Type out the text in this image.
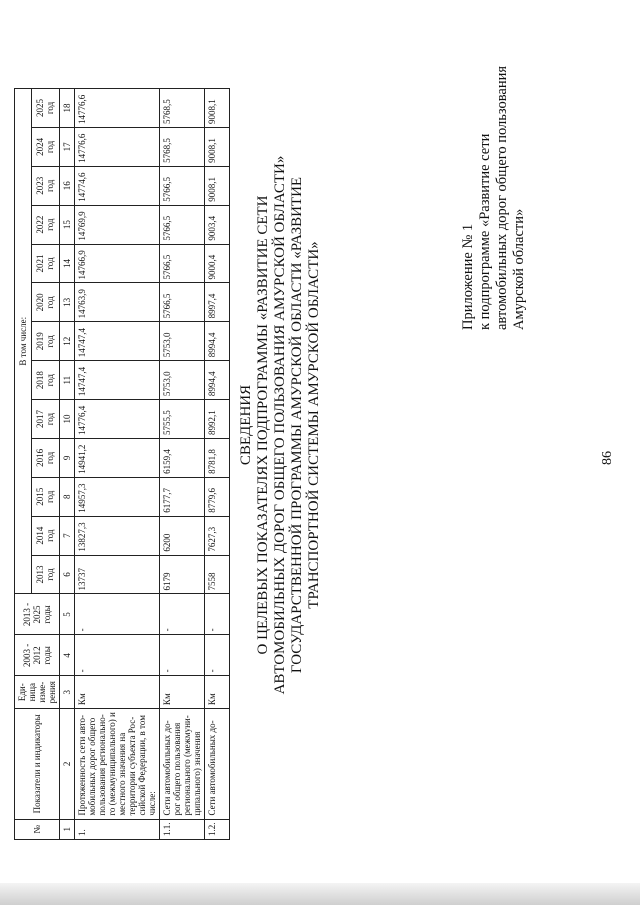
86
Приложение № 1 к подпрограмме «Развитие сети автомобильных дорог общего пользования Амурской области»
СВЕДЕНИЯ О ЦЕЛЕВЫХ ПОКАЗАТЕЛЯХ ПОДПРОГРАММЫ «РАЗВИТИЕ СЕТИ АВТОМОБИЛЬНЫХ ДОРОГ ОБЩЕГО ПОЛЬЗОВАНИЯ АМУРСКОЙ ОБЛАСТИ» ГОСУДАРСТВЕННОЙ ПРОГРАММЫ АМУРСКОЙ ОБЛАСТИ «РАЗВИТИЕ ТРАНСПОРТНОЙ СИСТЕМЫ АМУРСКОЙ ОБЛАСТИ»
№	Показатели и индикаторы	Еди-ница изме-рения	2003 - 2012 годы	2013 - 2025 годы	В том числе:												
					2013 год	2014 год	2015 год	2016 год	2017 год	2018 год	2019 год	2020 год	2021 год	2022 год	2023 год	2024 год	2025 год
1	2	3	4	5	6	7	8	9	10	11	12	13	14	15	16	17	18
1.	Протяженность сети авто-мобильных дорог общего пользования регионально-го (межмуниципального) и местного значения на территории субъекта Рос-сийской Федерации, в том числе:	Км	-	-	13737	13827,3	14957,3	14941,2	14776,4	14747,4	14747,4	14763,9	14766,9	14769,9	14774,6	14776,6	14776,6
1.1.	Сети автомобильных до-рог общего пользования регионального (межмуни-ципального) значения	Км	-	-	6179	6200	6177,7	6159,4	5755,5	5753,0	5753,0	5766,5	5766,5	5766,5	5766,5	5768,5	5768,5
1.2.	Сети автомобильных до-	Км	-	-	7558	7627,3	8779,6	8781,8	8992,1	8994,4	8994,4	8997,4	9000,4	9003,4	9008,1	9008,1	9008,1
